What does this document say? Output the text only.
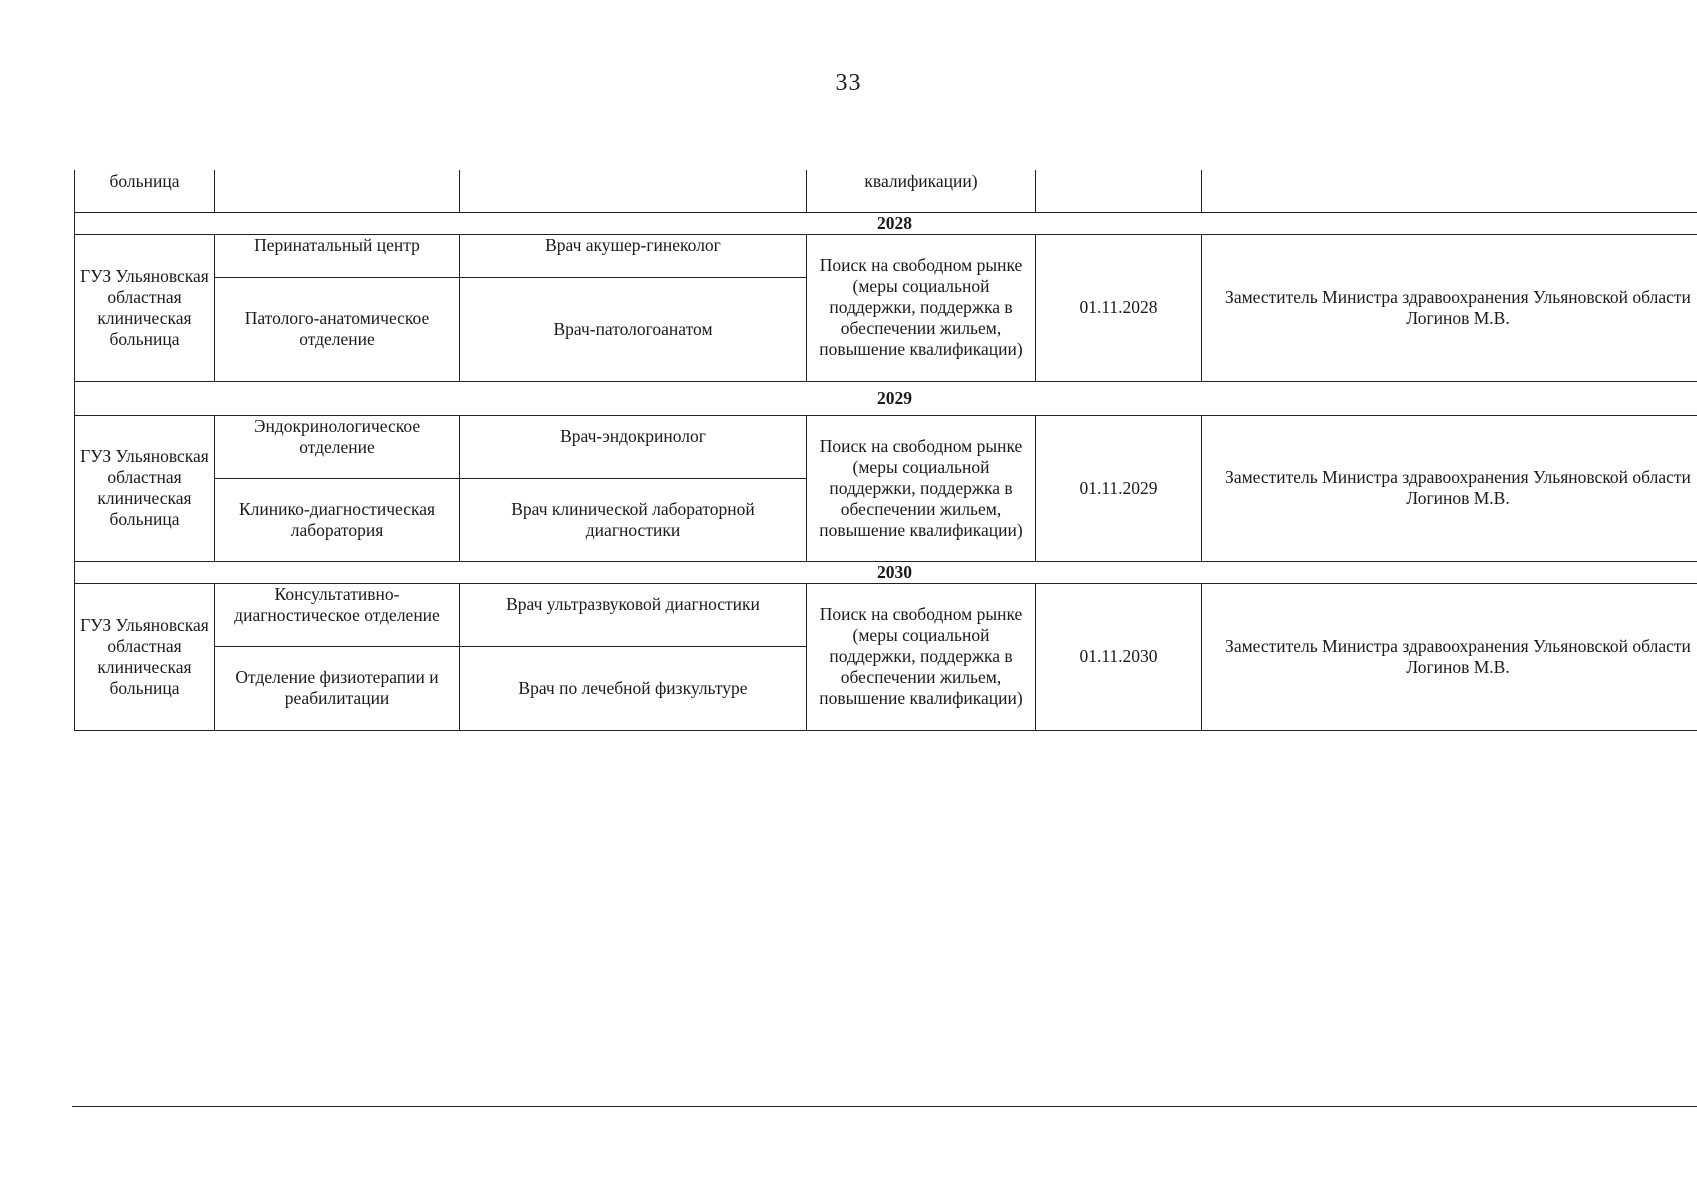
33
больница			квалификации)		
2028					
ГУЗ Ульяновская областная клиническая больница	Перинатальный центр	Врач акушер-гинеколог	Поиск на свободном рынке (меры социальной поддержки, поддержка в обеспечении жильем, повышение квалификации)	01.11.2028	Заместитель Министра здравоохранения Ульяновской области Логинов М.В.
	Патолого-анатомическое отделение	Врач-патологоанатом			
2029					
ГУЗ Ульяновская областная клиническая больница	Эндокринологическое отделение	Врач-эндокринолог	Поиск на свободном рынке (меры социальной поддержки, поддержка в обеспечении жильем, повышение квалификации)	01.11.2029	Заместитель Министра здравоохранения Ульяновской области Логинов М.В.
	Клинико-диагностическая лаборатория	Врач клинической лабораторной диагностики			
2030					
ГУЗ Ульяновская областная клиническая больница	Консультативно-диагностическое отделение	Врач ультразвуковой диагностики	Поиск на свободном рынке (меры социальной поддержки, поддержка в обеспечении жильем, повышение квалификации)	01.11.2030	Заместитель Министра здравоохранения Ульяновской области Логинов М.В.
	Отделение физиотерапии и реабилитации	Врач по лечебной физкультуре			
